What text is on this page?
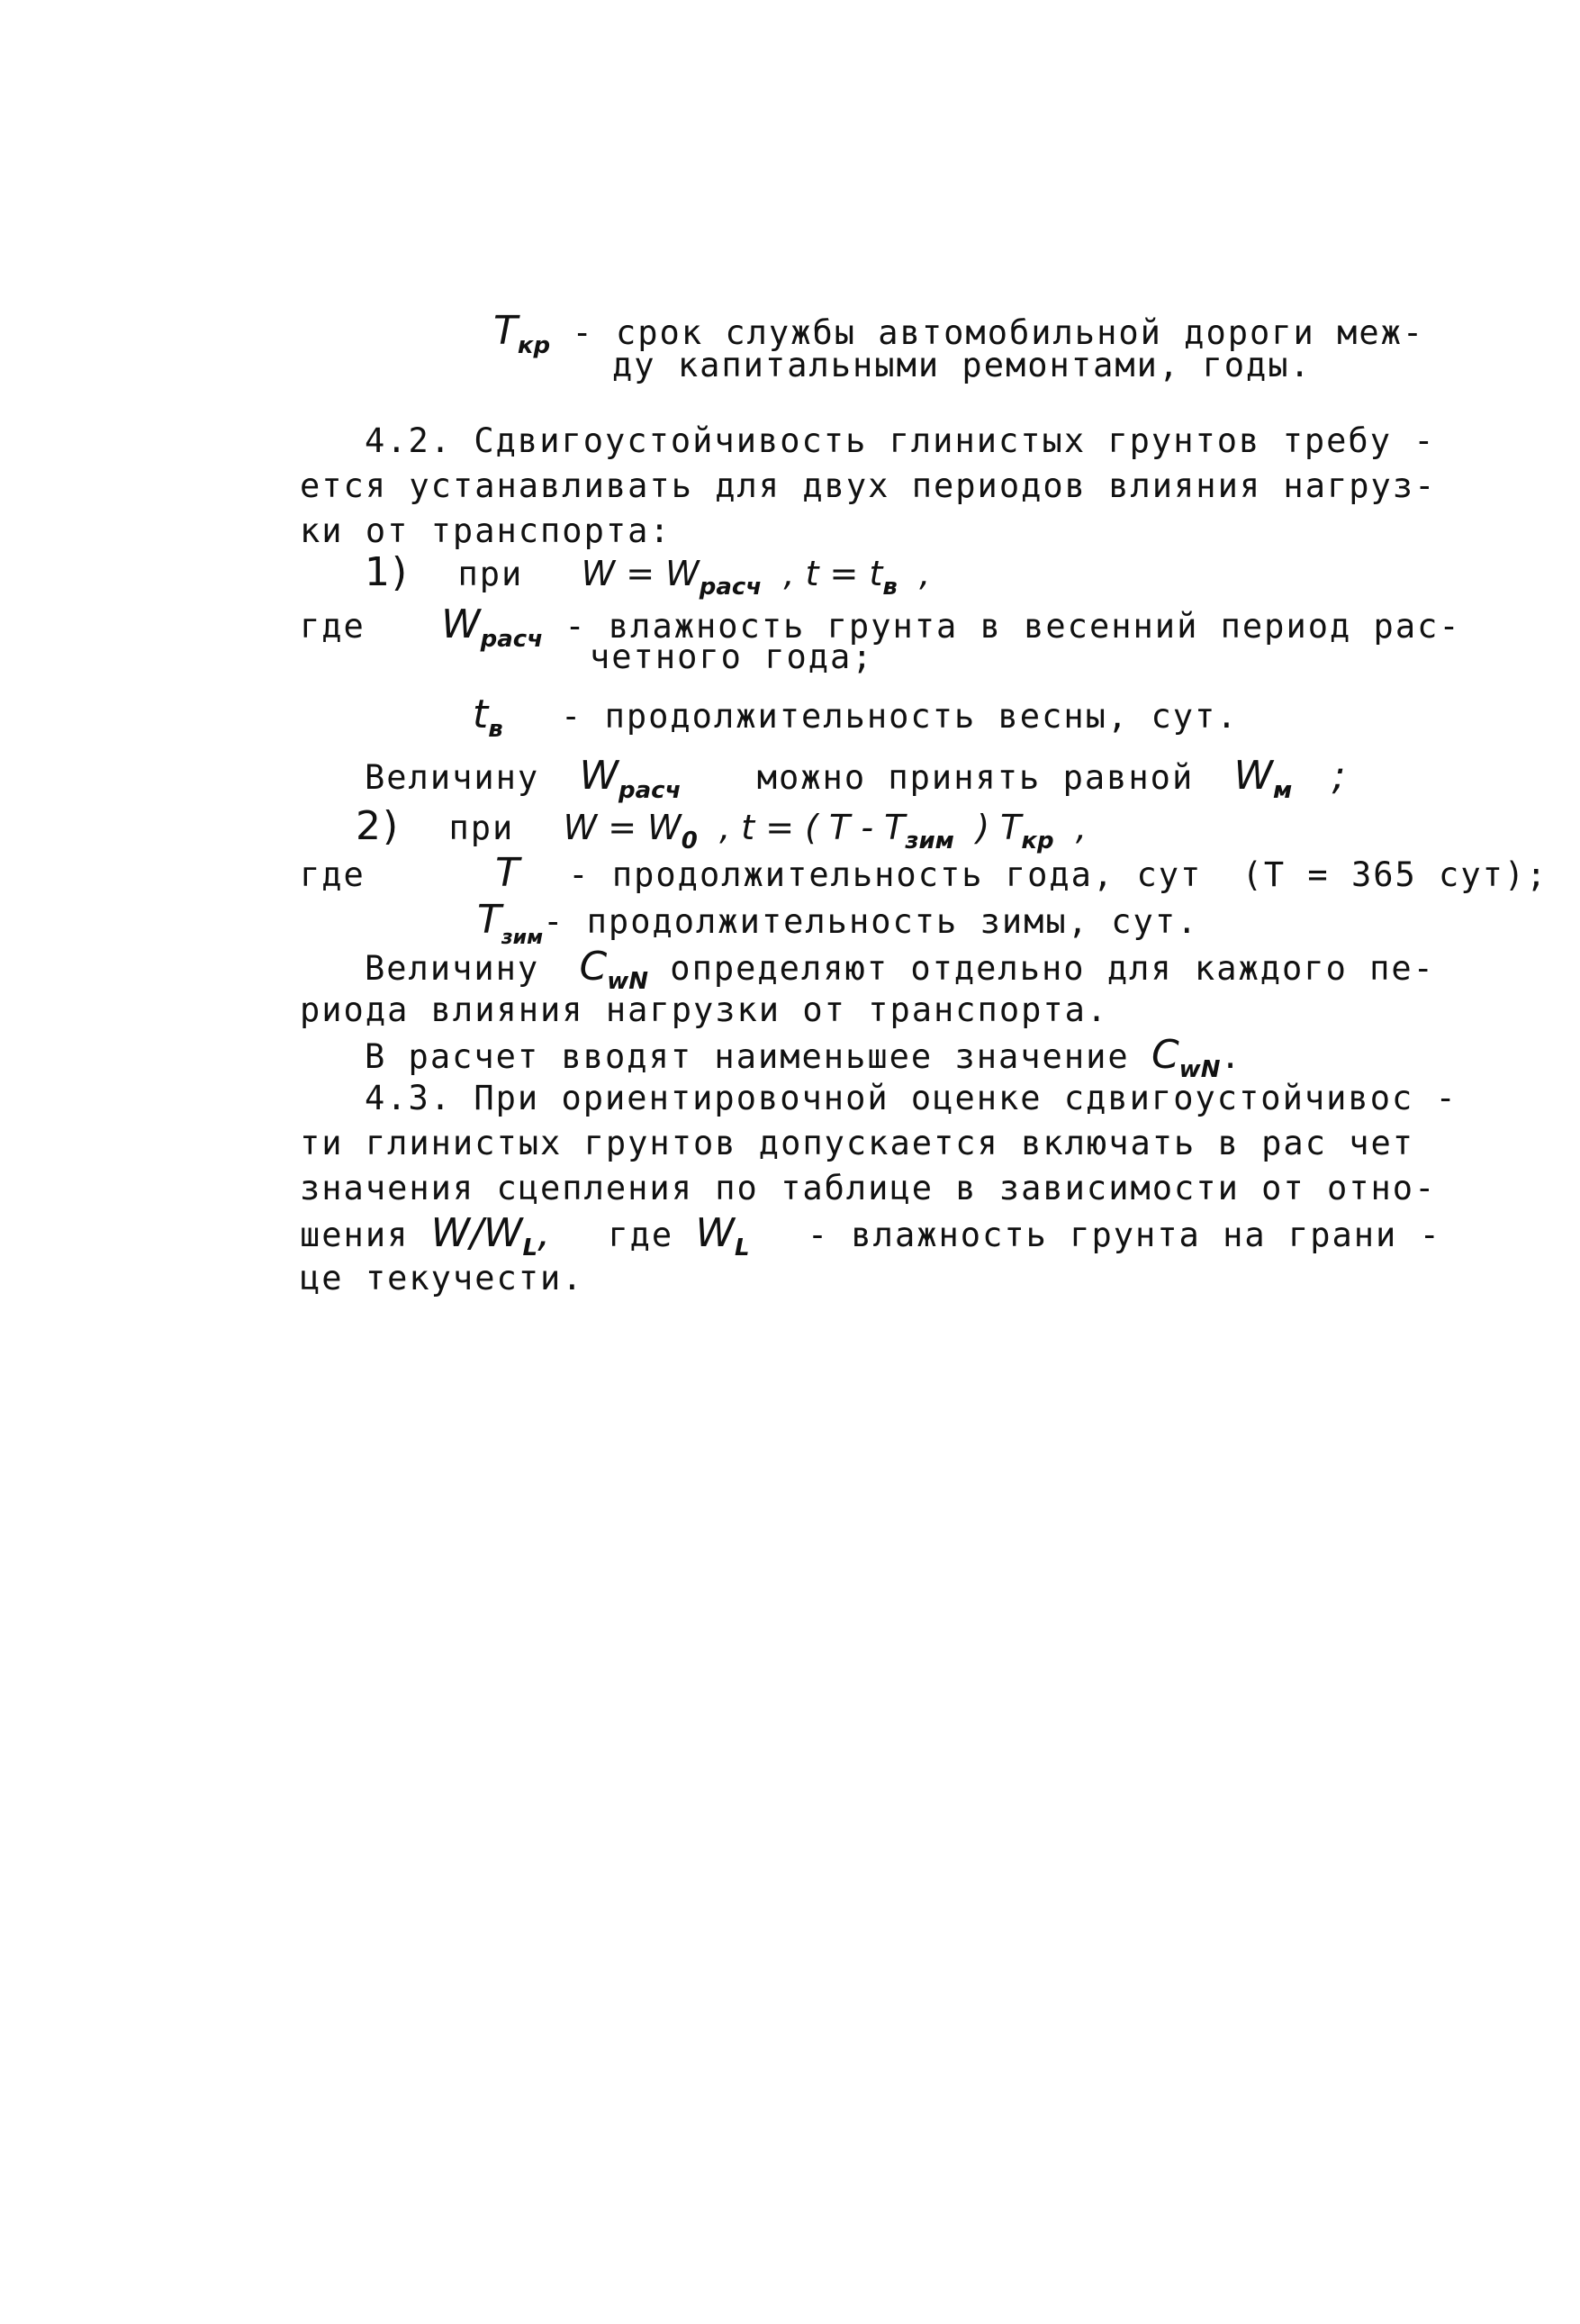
$T_{кр}$ - срок службы автомобильной дороги меж-
ду капитальными ремонтами, годы.
4.2. Сдвигоустойчивость глинистых грунтов требу -
ется устанавливать для двух периодов влияния нагруз-
ки от транспорта:
1) при $W = W_{расч}$ , $t = t_в$ ,
где $W_{расч}$ - влажность грунта в весенний период рас-
четного года;
$t_в$ - продолжительность весны, сут.
Величину $W_{расч}$ можно принять равной $W_м$ ;
2) при $W = W_0$ , t = ( T - $T_{зим}$ ) $T_{кр}$ ,
где	T - продолжительность года, сут (T = 365 сут);
$T_{зим}-$ продолжительность зимы, сут.
Величину $C_{wN}$ определяют отдельно для каждого пе-
риода влияния нагрузки от транспорта.
В расчет вводят наименьшее значение $C_{wN}$.
4.3. При ориентировочной оценке сдвигоустойчивос -
ти глинистых грунтов допускается включать в рас чет
значения сцепления по таблице в зависимости от отно-
шения $W/W_L$, где $W_L$ - влажность грунта на грани -
це текучести.
